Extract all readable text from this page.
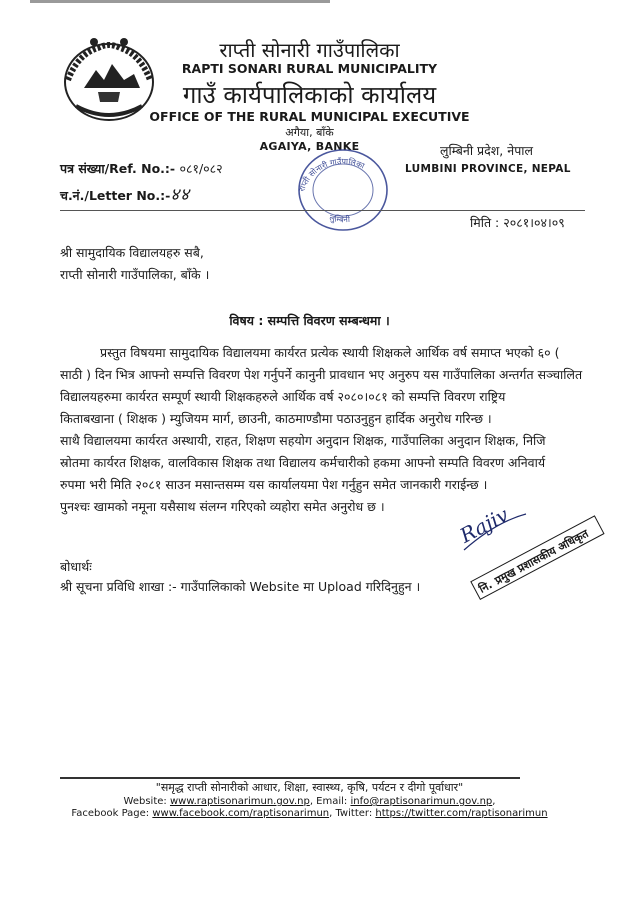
राप्ती सोनारी गाउँपालिका
RAPTI SONARI RURAL MUNICIPALITY
गाउँ कार्यपालिकाको कार्यालय
OFFICE OF THE RURAL MUNICIPAL EXECUTIVE
अगैया, बाँके
AGAIYA, BANKE
पत्र संख्या/Ref. No.:- ०८१/०८२
च.नं./Letter No.:-४४
लुम्बिनी प्रदेश, नेपाल
LUMBINI PROVINCE, NEPAL
राप्ती सोनारी गाउँपालिका
लुम्बिनी	मिति : २०८१।०४।०९
श्री सामुदायिक विद्यालयहरु सबै,
राप्ती सोनारी गाउँपालिका, बाँके ।
विषय : सम्पत्ति विवरण सम्बन्धमा ।
प्रस्तुत विषयमा सामुदायिक विद्यालयमा कार्यरत प्रत्येक स्थायी शिक्षकले आर्थिक वर्ष समाप्त भएको ६० (
साठी ) दिन भित्र आफ्नो सम्पत्ति विवरण पेश गर्नुपर्ने कानुनी प्रावधान भए अनुरुप यस गाउँपालिका अन्तर्गत सञ्चालित
विद्यालयहरुमा कार्यरत सम्पूर्ण स्थायी शिक्षकहरुले आर्थिक वर्ष २०८०।०८१ को सम्पत्ति विवरण राष्ट्रिय
किताबखाना ( शिक्षक ) म्युजियम मार्ग, छाउनी, काठमाण्डौमा पठाउनुहुन हार्दिक अनुरोध गरिन्छ ।
साथै विद्यालयमा कार्यरत अस्थायी, राहत, शिक्षण सहयोग अनुदान शिक्षक, गाउँपालिका अनुदान शिक्षक, निजि
स्रोतमा कार्यरत शिक्षक, वालविकास शिक्षक तथा विद्यालय कर्मचारीको हकमा आफ्नो सम्पति विवरण अनिवार्य
रुपमा भरी मिति २०८१ साउन मसान्तसम्म यस कार्यालयमा पेश गर्नुहुन समेत जानकारी गराईन्छ ।
पुनश्चः खामको नमूना यसैसाथ संलग्न गरिएको व्यहोरा समेत अनुरोध छ ।	Rajiv
नि.
प्रमुख प्रशासकीय अधिकृत
बोधार्थः
श्री सूचना प्रविधि शाखा :- गाउँपालिकाको Website मा Upload गरिदिनुहुन ।
"समृद्ध राप्ती सोनारीको आधार, शिक्षा, स्वास्थ्य, कृषि, पर्यटन र दीगो पूर्वाधार"
Website: www.raptisonarimun.gov.np, Email: info@raptisonarimun.gov.np,
Facebook Page: www.facebook.com/raptisonarimun, Twitter: https://twitter.com/raptisonarimun
